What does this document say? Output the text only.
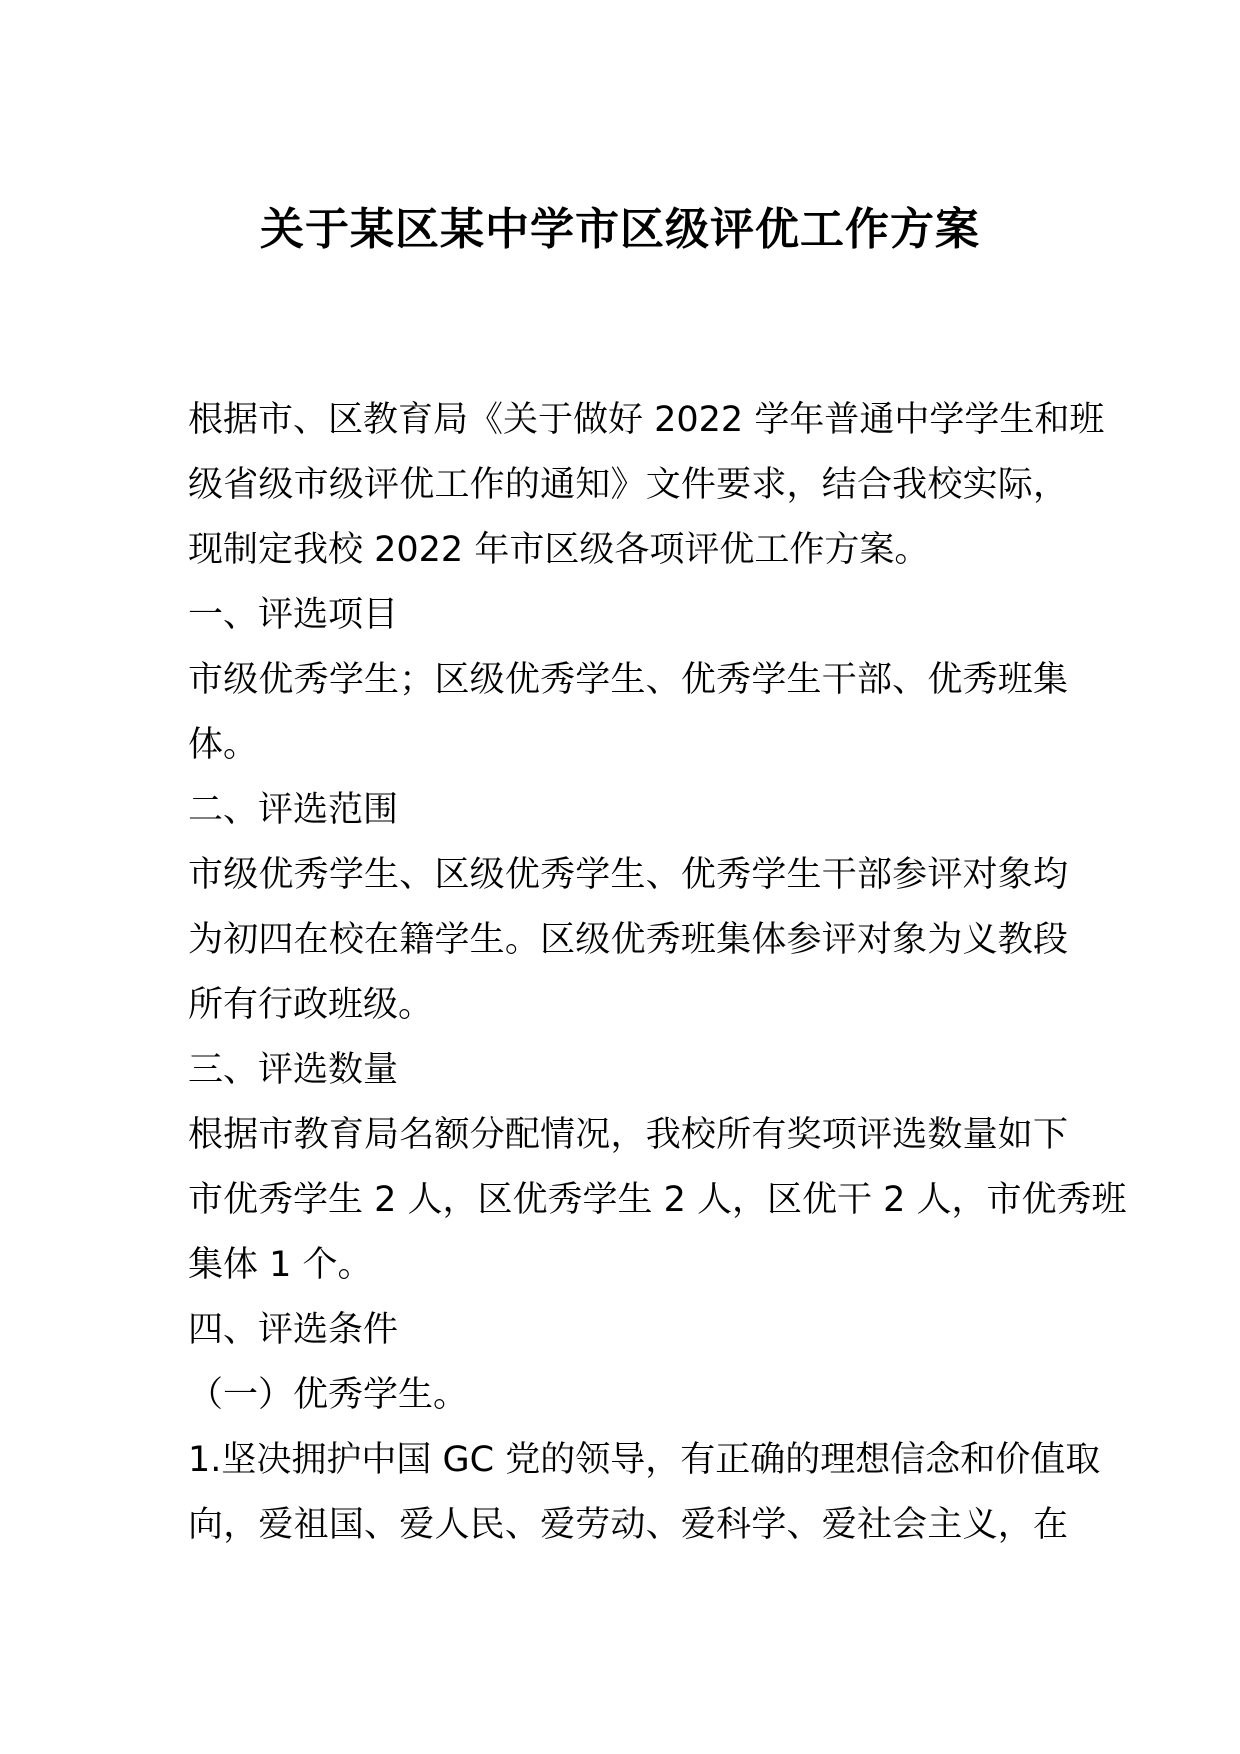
关于某区某中学市区级评优工作方案
根据市、区教育局《关于做好 2022 学年普通中学学生和班
级省级市级评优工作的通知》文件要求，结合我校实际，
现制定我校 2022 年市区级各项评优工作方案。
一、评选项目
市级优秀学生；区级优秀学生、优秀学生干部、优秀班集
体。
二、评选范围
市级优秀学生、区级优秀学生、优秀学生干部参评对象均
为初四在校在籍学生。区级优秀班集体参评对象为义教段
所有行政班级。
三、评选数量
根据市教育局名额分配情况，我校所有奖项评选数量如下
市优秀学生 2 人，区优秀学生 2 人，区优干 2 人，市优秀班
集体 1 个。
四、评选条件
（一）优秀学生。
1.坚决拥护中国 GC 党的领导，有正确的理想信念和价值取
向，爱祖国、爱人民、爱劳动、爱科学、爱社会主义，在
